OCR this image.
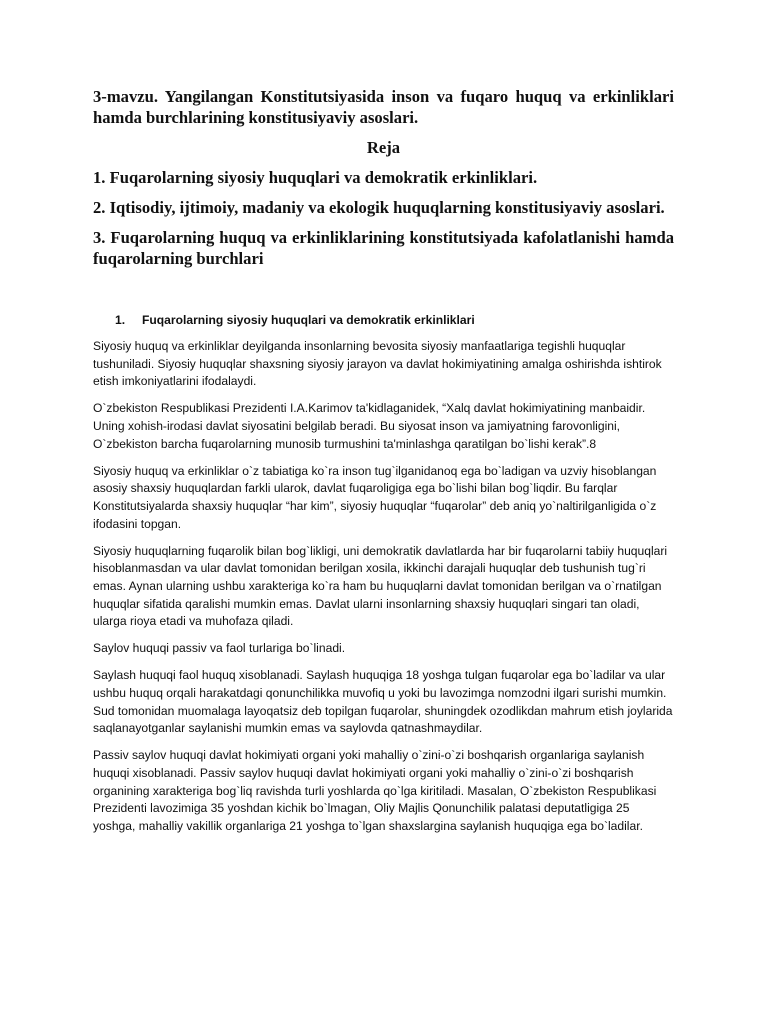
3-mavzu. Yangilangan Konstitutsiyasida inson va fuqaro huquq va erkinliklari hamda burchlarining konstitusiyaviy asoslari.

Reja

1. Fuqarolarning siyosiy huquqlari va demokratik erkinliklari.

2. Iqtisodiy, ijtimoiy, madaniy va ekologik huquqlarning konstitusiyaviy asoslari.

3. Fuqarolarning huquq va erkinliklarining konstitutsiyada kafolatlanishi hamda fuqarolarning burchlari

1.	Fuqarolarning siyosiy huquqlari va demokratik erkinliklari

Siyosiy huquq va erkinliklar deyilganda insonlarning bevosita siyosiy manfaatlariga tegishli huquqlar tushuniladi. Siyosiy huquqlar shaxsning siyosiy jarayon va davlat hokimiyatining amalga oshirishda ishtirok etish imkoniyatlarini ifodalaydi.

O`zbekiston Respublikasi Prezidenti I.A.Karimov ta'kidlaganidek, “Xalq davlat hokimiyatining manbaidir. Uning xohish-irodasi davlat siyosatini belgilab beradi. Bu siyosat inson va jamiyatning farovonligini, O`zbekiston barcha fuqarolarning munosib turmushini ta'minlashga qaratilgan bo`lishi kerak”.8

Siyosiy huquq va erkinliklar o`z tabiatiga ko`ra inson tug`ilganidanoq ega bo`ladigan va uzviy hisoblangan asosiy shaxsiy huquqlardan farkli ularok, davlat fuqaroligiga ega bo`lishi bilan bog`liqdir. Bu farqlar Konstitutsiyalarda shaxsiy huquqlar “har kim”, siyosiy huquqlar “fuqarolar” deb aniq yo`naltirilganligida o`z ifodasini topgan.

Siyosiy huquqlarning fuqarolik bilan bog`likligi, uni demokratik davlatlarda har bir fuqarolarni tabiiy huquqlari hisoblanmasdan va ular davlat tomonidan berilgan xosila, ikkinchi darajali huquqlar deb tushunish tug`ri emas. Aynan ularning ushbu xarakteriga ko`ra ham bu huquqlarni davlat tomonidan berilgan va o`rnatilgan huquqlar sifatida qaralishi mumkin emas. Davlat ularni insonlarning shaxsiy huquqlari singari tan oladi, ularga rioya etadi va muhofaza qiladi.

Saylov huquqi passiv va faol turlariga bo`linadi.

Saylash huquqi faol huquq xisoblanadi. Saylash huquqiga 18 yoshga tulgan fuqarolar ega bo`ladilar va ular ushbu huquq orqali harakatdagi qonunchilikka muvofiq u yoki bu lavozimga nomzodni ilgari surishi mumkin. Sud tomonidan muomalaga layoqatsiz deb topilgan fuqarolar, shuningdek ozodlikdan mahrum etish joylarida saqlanayotganlar saylanishi mumkin emas va saylovda qatnashmaydilar.

Passiv saylov huquqi davlat hokimiyati organi yoki mahalliy o`zini-o`zi boshqarish organlariga saylanish huquqi xisoblanadi. Passiv saylov huquqi davlat hokimiyati organi yoki mahalliy o`zini-o`zi boshqarish organining xarakteriga bog`liq ravishda turli yoshlarda qo`lga kiritiladi. Masalan, O`zbekiston Respublikasi Prezidenti lavozimiga 35 yoshdan kichik bo`lmagan, Oliy Majlis Qonunchilik palatasi deputatligiga 25 yoshga, mahalliy vakillik organlariga 21 yoshga to`lgan shaxslargina saylanish huquqiga ega bo`ladilar.
